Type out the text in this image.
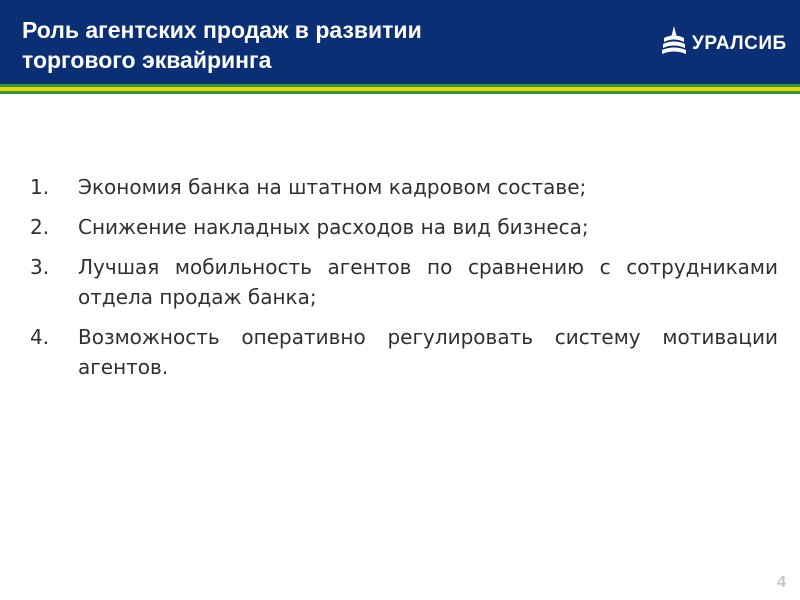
Роль агентских продаж в развитии
торгового эквайринга
УРАЛСИБ
1. Экономия банка на штатном кадровом составе;
2. Снижение накладных расходов на вид бизнеса;
3. Лучшая мобильность агентов по сравнению с сотрудниками отдела продаж банка;
4. Возможность оперативно регулировать систему мотивации агентов.
4
